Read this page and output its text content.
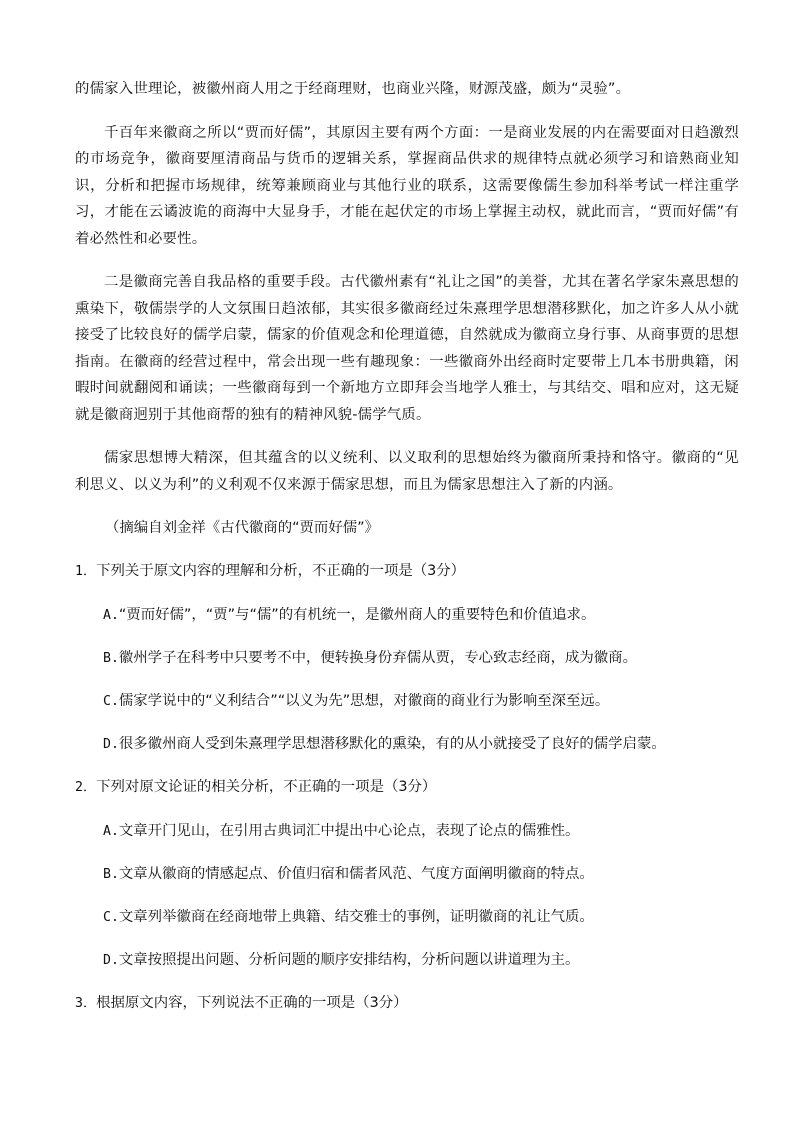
的儒家入世理论，被徽州商人用之于经商理财，也商业兴隆，财源茂盛，颇为“灵验”。

千百年来徽商之所以“贾而好儒”，其原因主要有两个方面：一是商业发展的内在需要面对日趋激烈的市场竞争，徽商要厘清商品与货币的逻辑关系，掌握商品供求的规律特点就必须学习和谙熟商业知识，分析和把握市场规律，统筹兼顾商业与其他行业的联系，这需要像儒生参加科举考试一样注重学习，才能在云谲波诡的商海中大显身手，才能在起伏定的市场上掌握主动权，就此而言，“贾而好儒”有着必然性和必要性。

二是徽商完善自我品格的重要手段。古代徽州素有“礼让之国”的美誉，尤其在著名学家朱熹思想的熏染下，敬儒崇学的人文氛围日趋浓郁，其实很多徽商经过朱熹理学思想潜移默化，加之许多人从小就接受了比较良好的儒学启蒙，儒家的价值观念和伦理道德，自然就成为徽商立身行事、从商事贾的思想指南。在徽商的经营过程中，常会出现一些有趣现象：一些徽商外出经商时定要带上几本书册典籍，闲暇时间就翻阅和诵读；一些徽商每到一个新地方立即拜会当地学人雅士，与其结交、唱和应对，这无疑就是徽商迥别于其他商帮的独有的精神风貌-儒学气质。

儒家思想博大精深，但其蕴含的以义统利、以义取利的思想始终为徽商所秉持和恪守。徽商的“见利思义、以义为利”的义利观不仅来源于儒家思想，而且为儒家思想注入了新的内涵。

（摘编自刘金祥《古代徽商的“贾而好儒”》

1．下列关于原文内容的理解和分析，不正确的一项是（3分）
A.“贾而好儒”，“贾”与“儒”的有机统一，是徽州商人的重要特色和价值追求。
B.徽州学子在科考中只要考不中，便转换身份弃儒从贾，专心致志经商，成为徽商。
C.儒家学说中的“义利结合”“以义为先”思想，对徽商的商业行为影响至深至远。
D.很多徽州商人受到朱熹理学思想潜移默化的熏染，有的从小就接受了良好的儒学启蒙。
2．下列对原文论证的相关分析，不正确的一项是（3分）
A.文章开门见山，在引用古典词汇中提出中心论点，表现了论点的儒雅性。
B.文章从徽商的情感起点、价值归宿和儒者风范、气度方面阐明徽商的特点。
C.文章列举徽商在经商地带上典籍、结交雅士的事例，证明徽商的礼让气质。
D.文章按照提出问题、分析问题的顺序安排结构，分析问题以讲道理为主。
3．根据原文内容，下列说法不正确的一项是（3分）
